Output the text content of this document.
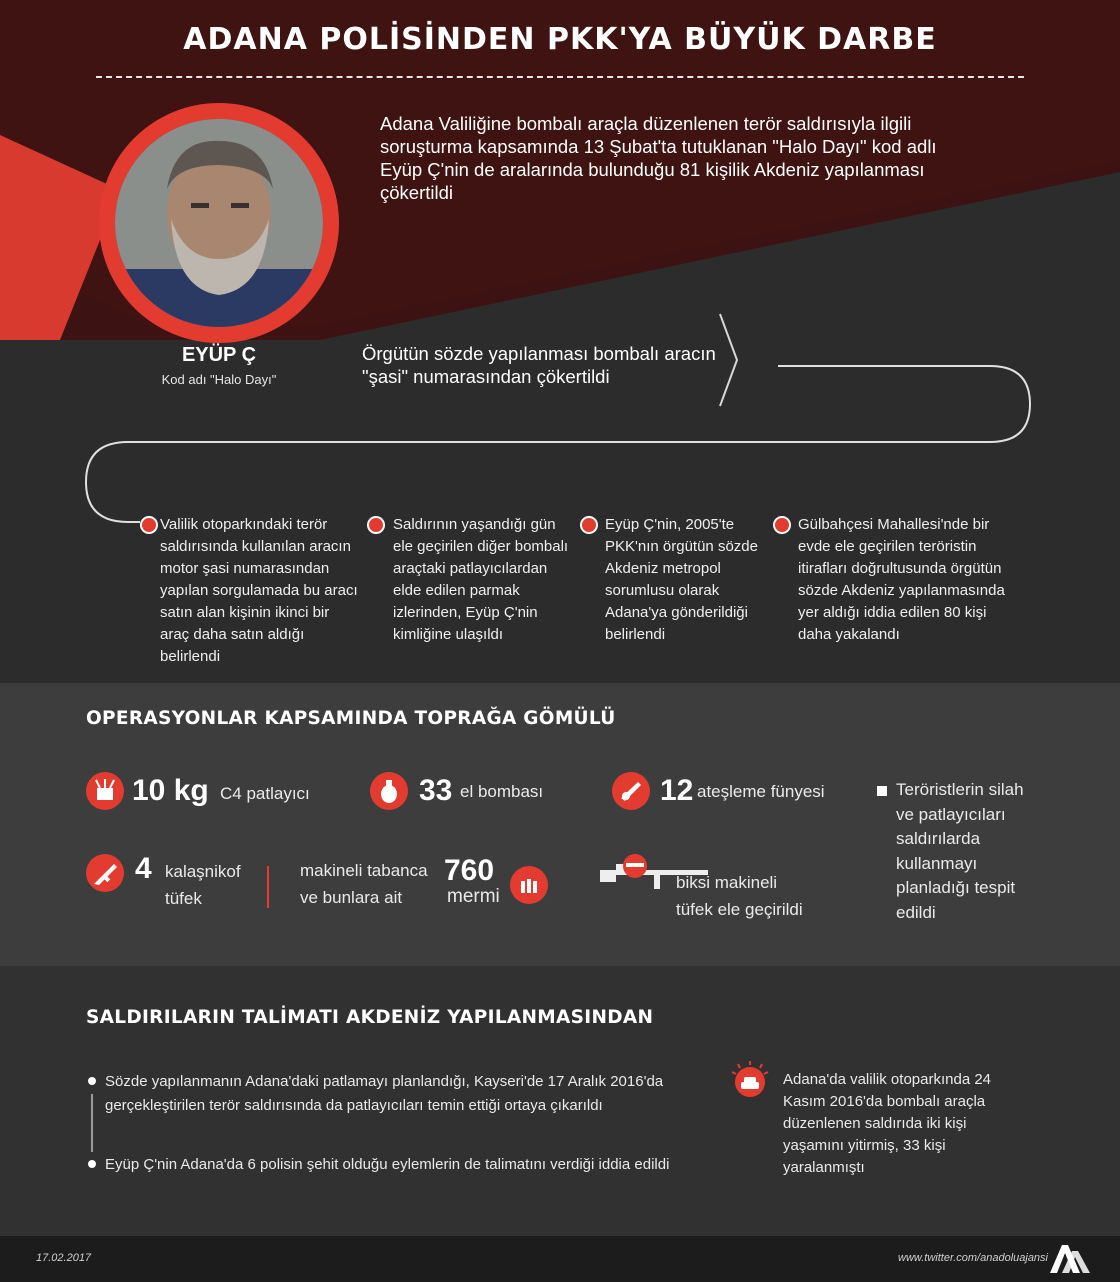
ADANA POLİSİNDEN PKK'YA BÜYÜK DARBE
Adana Valiliğine bombalı araçla düzenlenen terör saldırısıyla ilgili soruşturma kapsamında 13 Şubat'ta tutuklanan "Halo Dayı" kod adlı Eyüp Ç'nin de aralarında bulunduğu 81 kişilik Akdeniz yapılanması çökertildi
EYÜP Ç
Kod adı "Halo Dayı"
Örgütün sözde yapılanması bombalı aracın "şasi" numarasından çökertildi
Valilik otoparkındaki terör saldırısında kullanılan aracın motor şasi numarasından yapılan sorgulamada bu aracı satın alan kişinin ikinci bir araç daha satın aldığı belirlendi
Saldırının yaşandığı gün ele geçirilen diğer bombalı araçtaki patlayıcılardan elde edilen parmak izlerinden, Eyüp Ç'nin kimliğine ulaşıldı
Eyüp Ç'nin, 2005'te PKK'nın örgütün sözde Akdeniz metropol sorumlusu olarak Adana'ya gönderildiği belirlendi
Gülbahçesi Mahallesi'nde bir evde ele geçirilen teröristin itirafları doğrultusunda örgütün sözde Akdeniz yapılanmasında yer aldığı iddia edilen 80 kişi daha yakalandı
OPERASYONLAR KAPSAMINDA TOPRAĞA GÖMÜLÜ
10 kg C4 patlayıcı	33 el bombası	12 ateşleme fünyesi
4 kalaşnikof
tüfek
makineli tabanca
ve bunlara ait
760
mermi
biksi makineli
tüfek ele geçirildi
Teröristlerin silah ve patlayıcıları saldırılarda kullanmayı planladığı tespit edildi
SALDIRILARIN TALİMATI AKDENİZ YAPILANMASINDAN
Sözde yapılanmanın Adana'daki patlamayı planlandığı, Kayseri'de 17 Aralık 2016'da
gerçekleştirilen terör saldırısında da patlayıcıları temin ettiği ortaya çıkarıldı
Eyüp Ç'nin Adana'da 6 polisin şehit olduğu eylemlerin de talimatını verdiği iddia edildi
Adana'da valilik otoparkında 24 Kasım 2016'da bombalı araçla düzenlenen saldırıda iki kişi yaşamını yitirmiş, 33 kişi yaralanmıştı
17.02.2017	www.twitter.com/anadoluajansi
